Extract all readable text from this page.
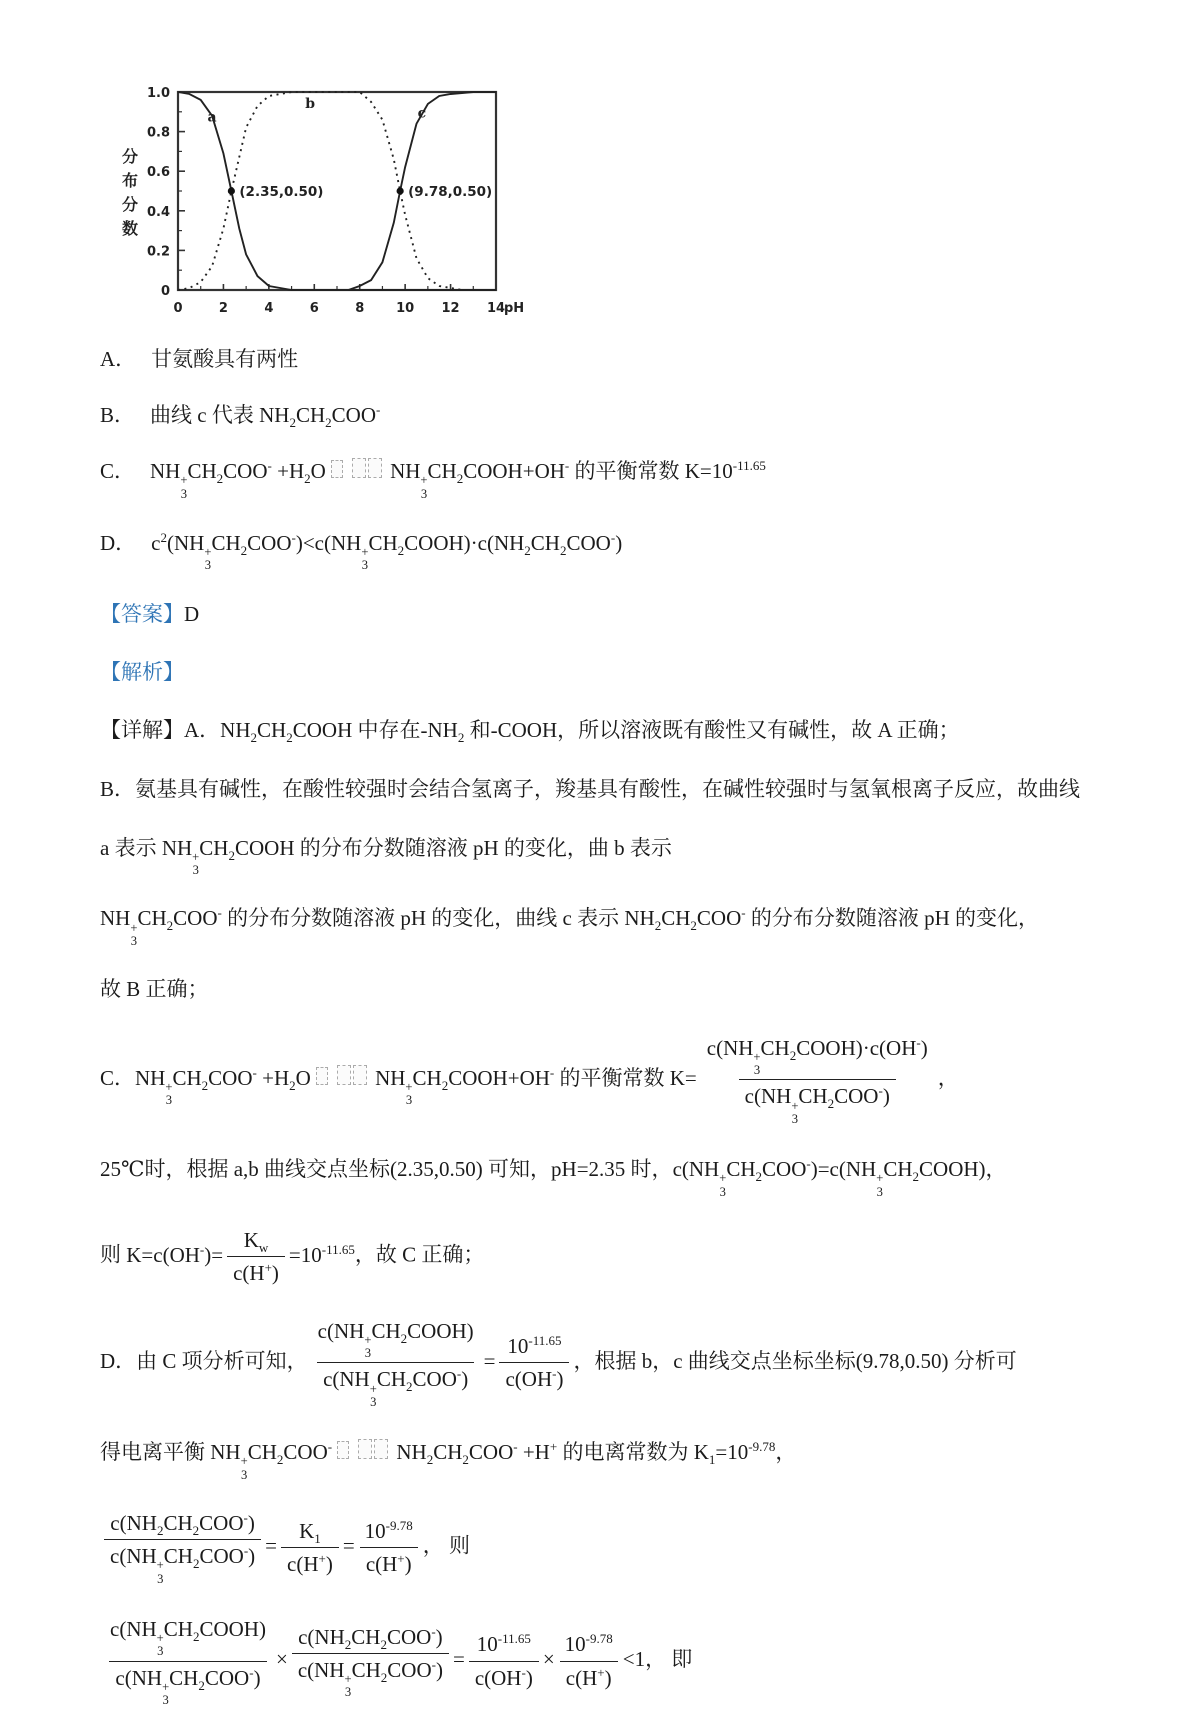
0
0.2
0.4
0.6
0.8
1.0
0	2	4	6	8 10 12 14
pH
分
布
分
数
a
b
c
(2.35,0.50)	(9.78,0.50)
A． 甘氨酸具有两性
B． 曲线 c 代表 $NH_2CH_2COO^-$
C． NH +
3
$CH_2COO^- +H_2O$	NH +
3
$CH_2COOH+OH^-$ 的平衡常数 $K=10^{-11.65}$
D． $c^2(NH$ +
3
$CH_2COO^-)<c(NH$ +
3
$CH_2COOH)\cdot c(NH_2CH_2COO^-)$

【答案】D

【解析】

【详解】A．$NH_2CH_2COOH$ 中存在$-NH_2$ 和-COOH，所以溶液既有酸性又有碱性，故 A 正确；

B．氨基具有碱性，在酸性较强时会结合氢离子，羧基具有酸性，在碱性较强时与氢氧根离子反应，故曲线

a 表示 NH +
3
$CH_2COOH$ 的分布分数随溶液 pH 的变化，曲 b 表示

NH +
3
$CH_2COO^-$ 的分布分数随溶液 pH 的变化，曲线 c 表示 $NH_2CH_2COO^-$ 的分布分数随溶液 pH 的变化，

故 B 正确；

C．NH +
3
$CH_2COO^- +H_2O$	NH +
3
$CH_2COOH+OH^-$ 的平衡常数 K= c(NH +
3
$CH_2COOH)\cdot c(OH^-)$
c(NH +
3
$CH_2COO^-$) ，

25℃时，根据 a,b 曲线交点坐标(2.35,0.50) 可知，pH=2.35 时，c(NH +
3
$CH_2COO^-)=c(NH$ +
3
$CH_2COOH$)，

则 $K=c(OH^-)= \frac{K_w}{c(H^+)} =10^{-11.65}$，故 C 正确；

D．由 C 项分析可知， c(NH +
3
$CH_2COOH$)
c(NH +
3
$CH_2COO^-) = \frac{10^{-11.65}}{c(OH^-)}$ ，根据 b，c 曲线交点坐标坐标(9.78,0.50) 分析可

得电离平衡 NH +
3
$CH_2COO^-$	$NH_2CH_2COO^- +H^+$ 的电离常数为 $K_1=10^{-9.78}$，

$c(NH_2CH_2COO^-)$
c(NH +
3
$CH_2COO^-) = \frac{K_1}{c(H^+)} = \frac{10^{-9.78}}{c(H^+)}$ ， 则

c(NH +
3
$CH_2COOH$)
c(NH +
3
$CH_2COO^-) \times c(NH_2CH_2COO^-)$
c(NH +
3
$CH_2COO^-) = \frac{10^{-11.65}}{c(OH^-)} \times \frac{10^{-9.78}}{c(H^+)} <1$， 即
